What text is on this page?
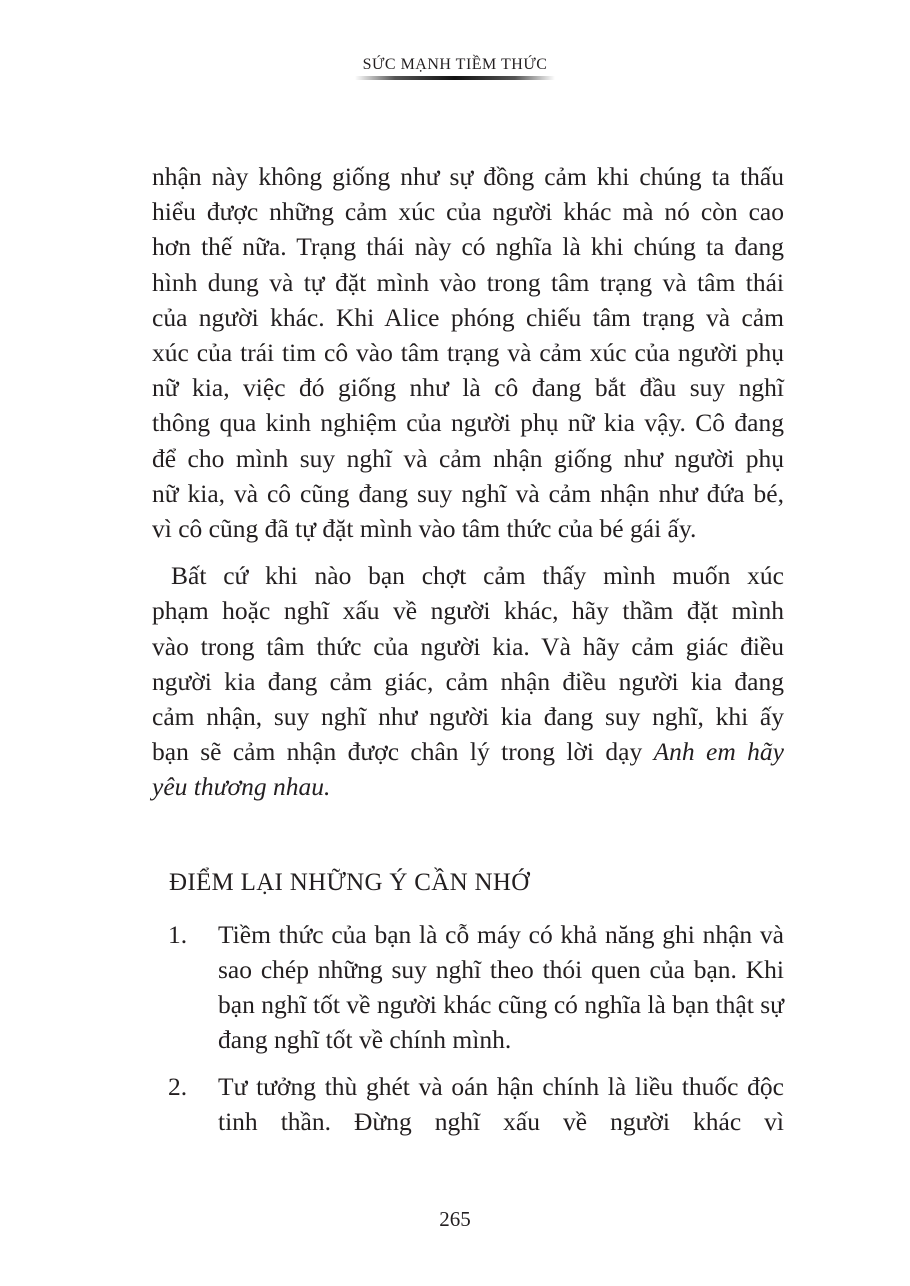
SỨC MẠNH TIỀM THỨC
nhận này không giống như sự đồng cảm khi chúng ta thấu
hiểu được những cảm xúc của người khác mà nó còn cao
hơn thế nữa. Trạng thái này có nghĩa là khi chúng ta đang
hình dung và tự đặt mình vào trong tâm trạng và tâm thái
của người khác. Khi Alice phóng chiếu tâm trạng và cảm
xúc của trái tim cô vào tâm trạng và cảm xúc của người phụ
nữ kia, việc đó giống như là cô đang bắt đầu suy nghĩ
thông qua kinh nghiệm của người phụ nữ kia vậy. Cô đang
để cho mình suy nghĩ và cảm nhận giống như người phụ
nữ kia, và cô cũng đang suy nghĩ và cảm nhận như đứa bé,
vì cô cũng đã tự đặt mình vào tâm thức của bé gái ấy.
Bất cứ khi nào bạn chợt cảm thấy mình muốn xúc
phạm hoặc nghĩ xấu về người khác, hãy thầm đặt mình
vào trong tâm thức của người kia. Và hãy cảm giác điều
người kia đang cảm giác, cảm nhận điều người kia đang
cảm nhận, suy nghĩ như người kia đang suy nghĩ, khi ấy
bạn sẽ cảm nhận được chân lý trong lời dạy Anh em hãy
yêu thương nhau.
ĐIỂM LẠI NHỮNG Ý CẦN NHỚ
1.	Tiềm thức của bạn là cỗ máy có khả năng ghi nhận và sao chép những suy nghĩ theo thói quen của bạn. Khi bạn nghĩ tốt về người khác cũng có nghĩa là bạn thật sự đang nghĩ tốt về chính mình.
2.	Tư tưởng thù ghét và oán hận chính là liều thuốc độc tinh thần. Đừng nghĩ xấu về người khác vì
265
